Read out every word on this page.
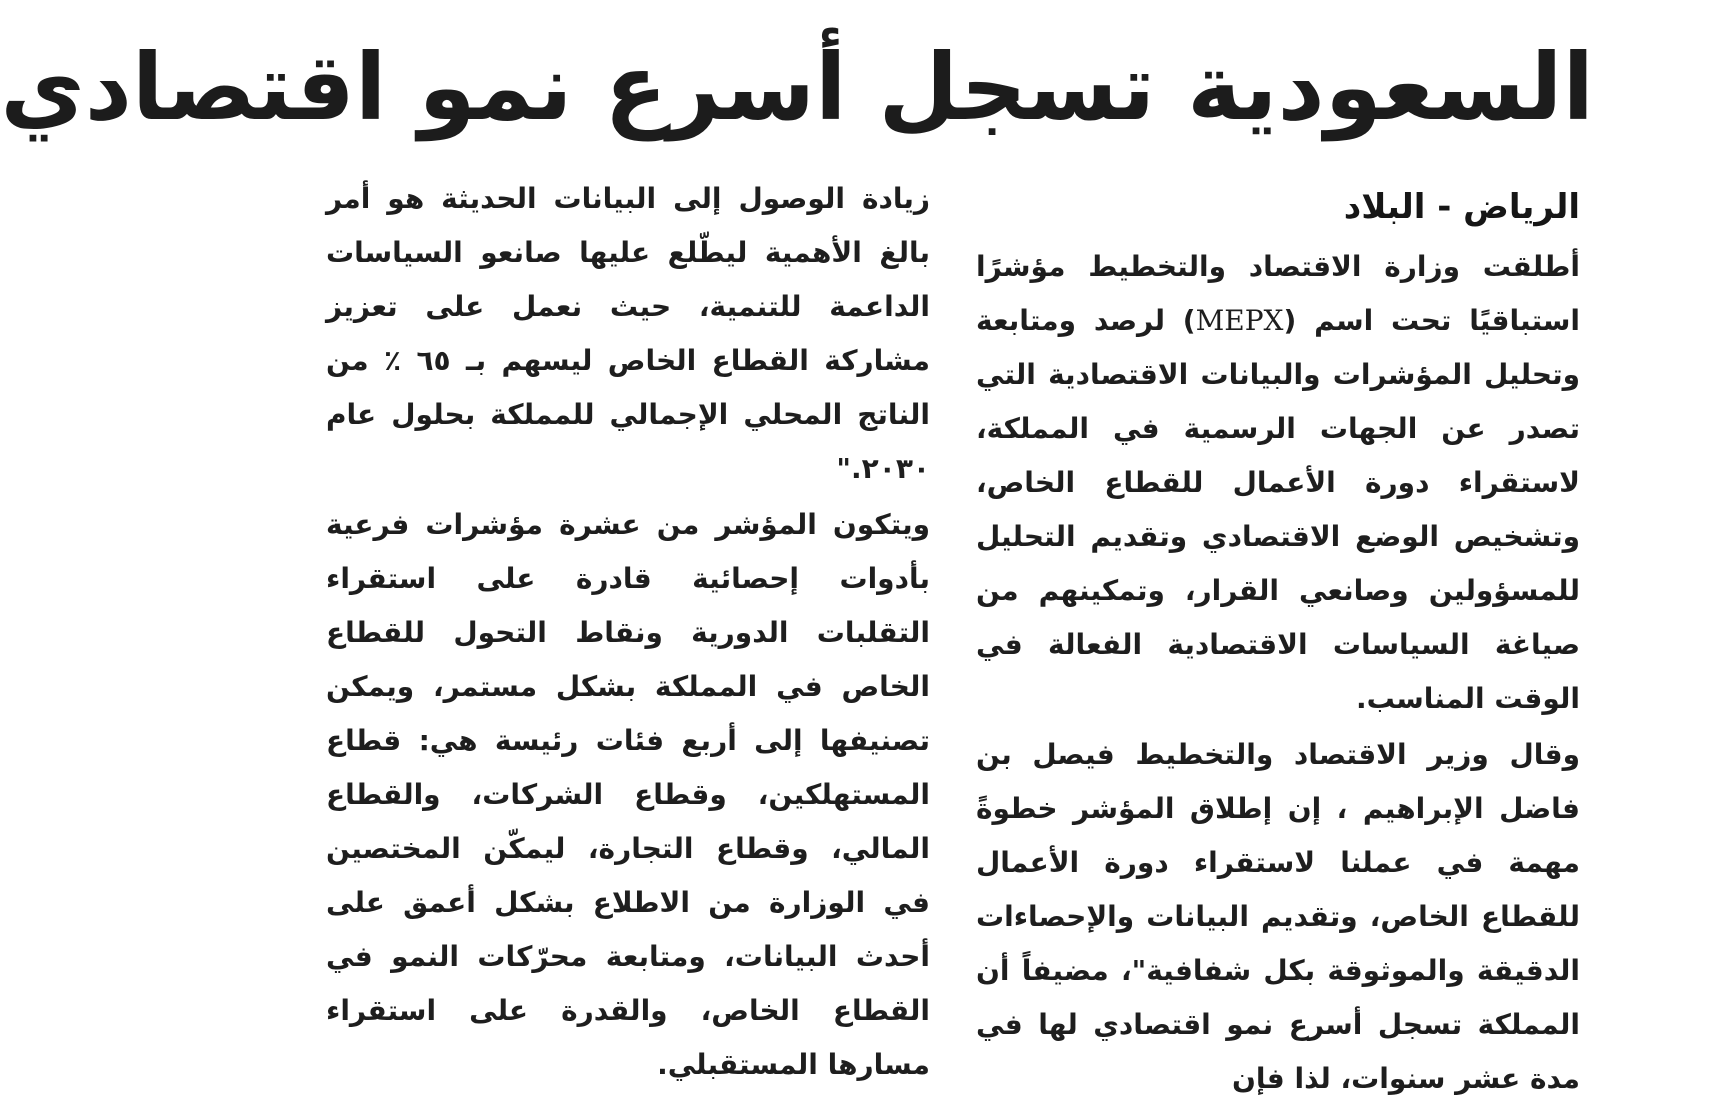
السعودية تسجل أسرع نمو اقتصادي
الرياض - البلاد

أطلقت وزارة الاقتصاد والتخطيط مؤشرًا استباقيًا تحت اسم (MEPX) لرصد ومتابعة وتحليل المؤشرات والبيانات الاقتصادية التي تصدر عن الجهات الرسمية في المملكة، لاستقراء دورة الأعمال للقطاع الخاص، وتشخيص الوضع الاقتصادي وتقديم التحليل للمسؤولين وصانعي القرار، وتمكينهم من صياغة السياسات الاقتصادية الفعالة في الوقت المناسب.

وقال وزير الاقتصاد والتخطيط فيصل بن فاضل الإبراهيم ، إن إطلاق المؤشر خطوةً مهمة في عملنا لاستقراء دورة الأعمال للقطاع الخاص، وتقديم البيانات والإحصاءات الدقيقة والموثوقة بكل شفافية"، مضيفاً أن المملكة تسجل أسرع نمو اقتصادي لها في مدة عشر سنوات، لذا فإن

زيادة الوصول إلى البيانات الحديثة هو أمر بالغ الأهمية ليطّلع عليها صانعو السياسات الداعمة للتنمية، حيث نعمل على تعزيز مشاركة القطاع الخاص ليسهم بـ ٦٥ ٪ من الناتج المحلي الإجمالي للمملكة بحلول عام ٢٠٣٠."

ويتكون المؤشر من عشرة مؤشرات فرعية بأدوات إحصائية قادرة على استقراء التقلبات الدورية ونقاط التحول للقطاع الخاص في المملكة بشكل مستمر، ويمكن تصنيفها إلى أربع فئات رئيسة هي: قطاع المستهلكين، وقطاع الشركات، والقطاع المالي، وقطاع التجارة، ليمكّن المختصين في الوزارة من الاطلاع بشكل أعمق على أحدث البيانات، ومتابعة محرّكات النمو في القطاع الخاص، والقدرة على استقراء مسارها المستقبلي.
